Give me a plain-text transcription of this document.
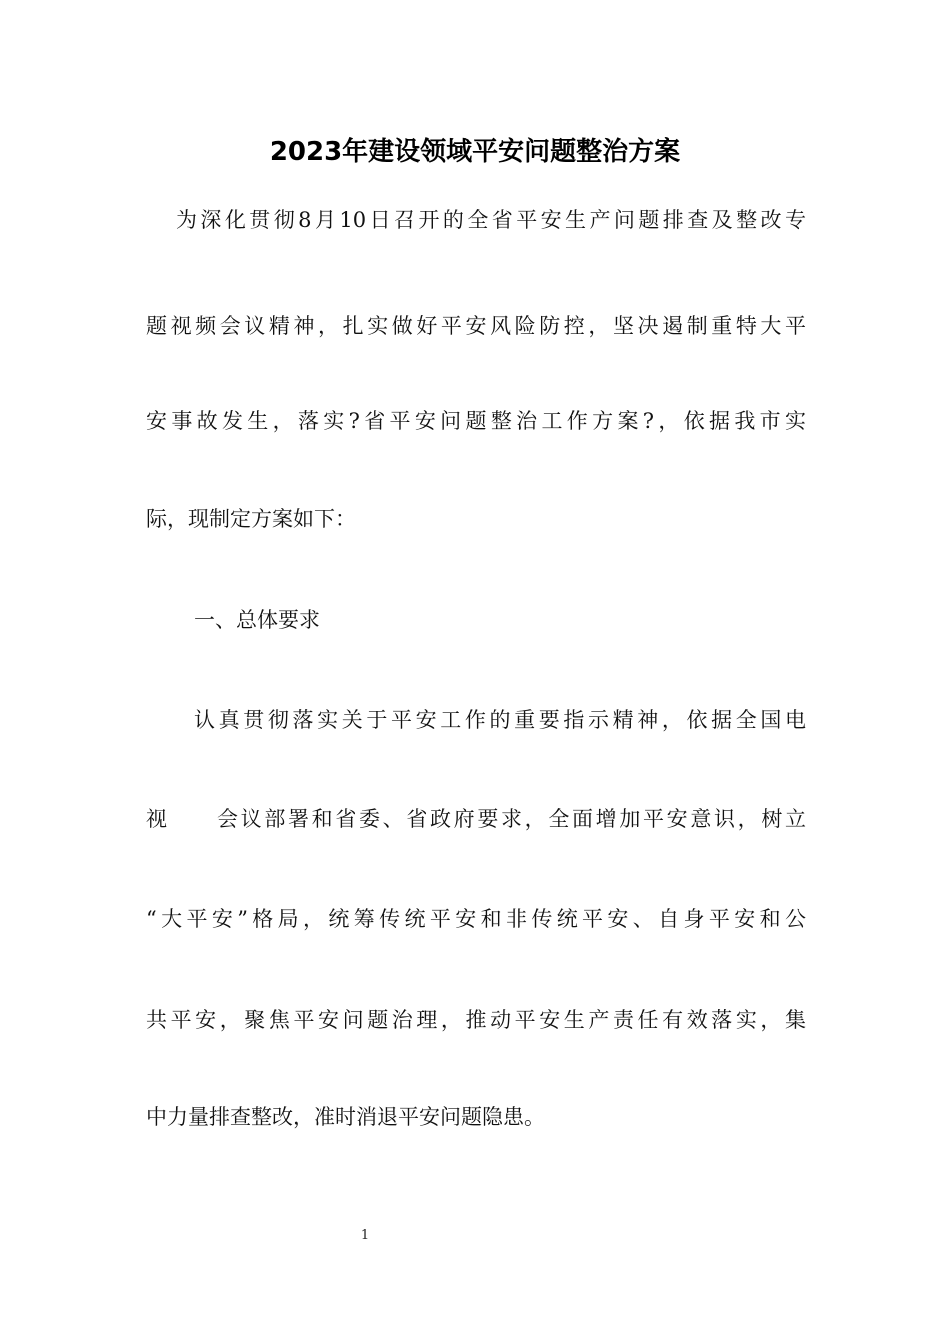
2023年建设领域平安问题整治方案
为深化贯彻8月10日召开的全省平安生产问题排查及整改专
题视频会议精神，扎实做好平安风险防控，坚决遏制重特大平
安事故发生，落实?省平安问题整治工作方案?，依据我市实
际，现制定方案如下：
一、总体要求
认真贯彻落实关于平安工作的重要指示精神，依据全国电
视　　会议部署和省委、省政府要求，全面增加平安意识，树立
“大平安”格局，统筹传统平安和非传统平安、自身平安和公
共平安，聚焦平安问题治理，推动平安生产责任有效落实，集
中力量排查整改，准时消退平安问题隐患。
1
